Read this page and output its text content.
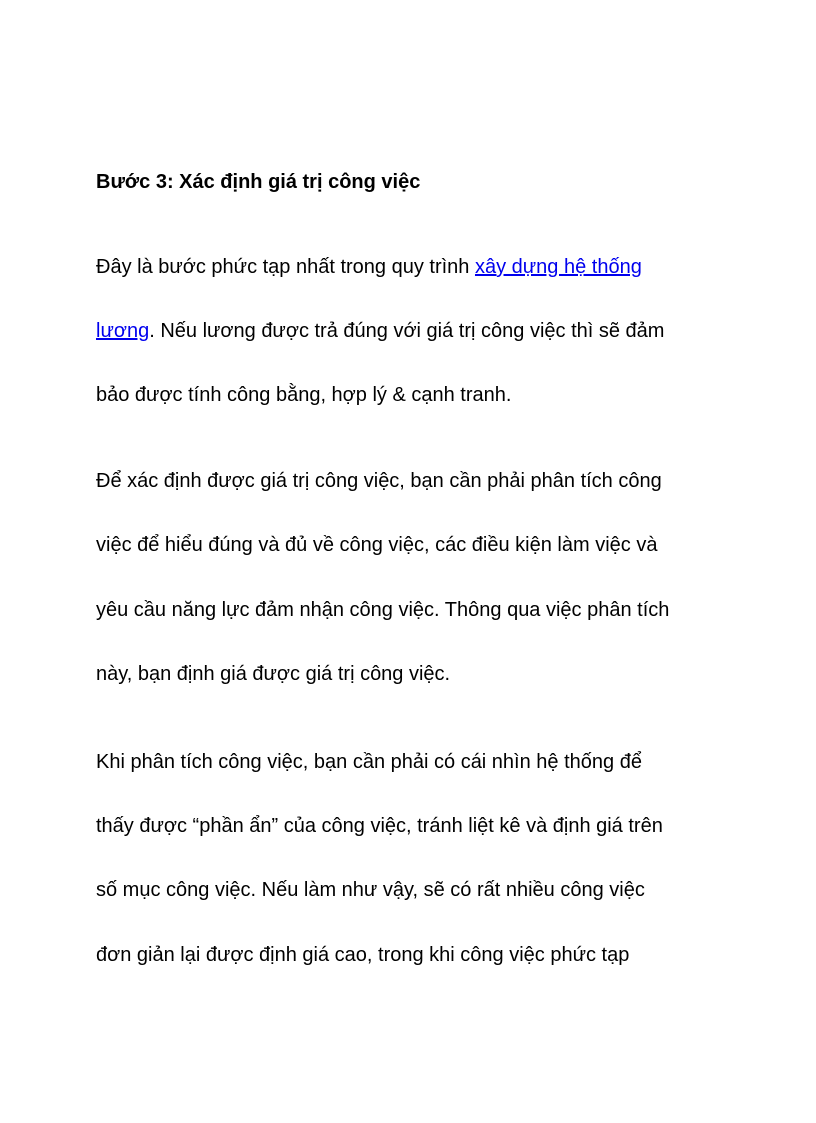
Bước 3: Xác định giá trị công việc

Đây là bước phức tạp nhất trong quy trình xây dựng hệ thống

lương. Nếu lương được trả đúng với giá trị công việc thì sẽ đảm

bảo được tính công bằng, hợp lý & cạnh tranh.

Để xác định được giá trị công việc, bạn cần phải phân tích công

việc để hiểu đúng và đủ về công việc, các điều kiện làm việc và

yêu cầu năng lực đảm nhận công việc. Thông qua việc phân tích

này, bạn định giá được giá trị công việc.

Khi phân tích công việc, bạn cần phải có cái nhìn hệ thống để

thấy được “phần ẩn” của công việc, tránh liệt kê và định giá trên

số mục công việc. Nếu làm như vậy, sẽ có rất nhiều công việc

đơn giản lại được định giá cao, trong khi công việc phức tạp
